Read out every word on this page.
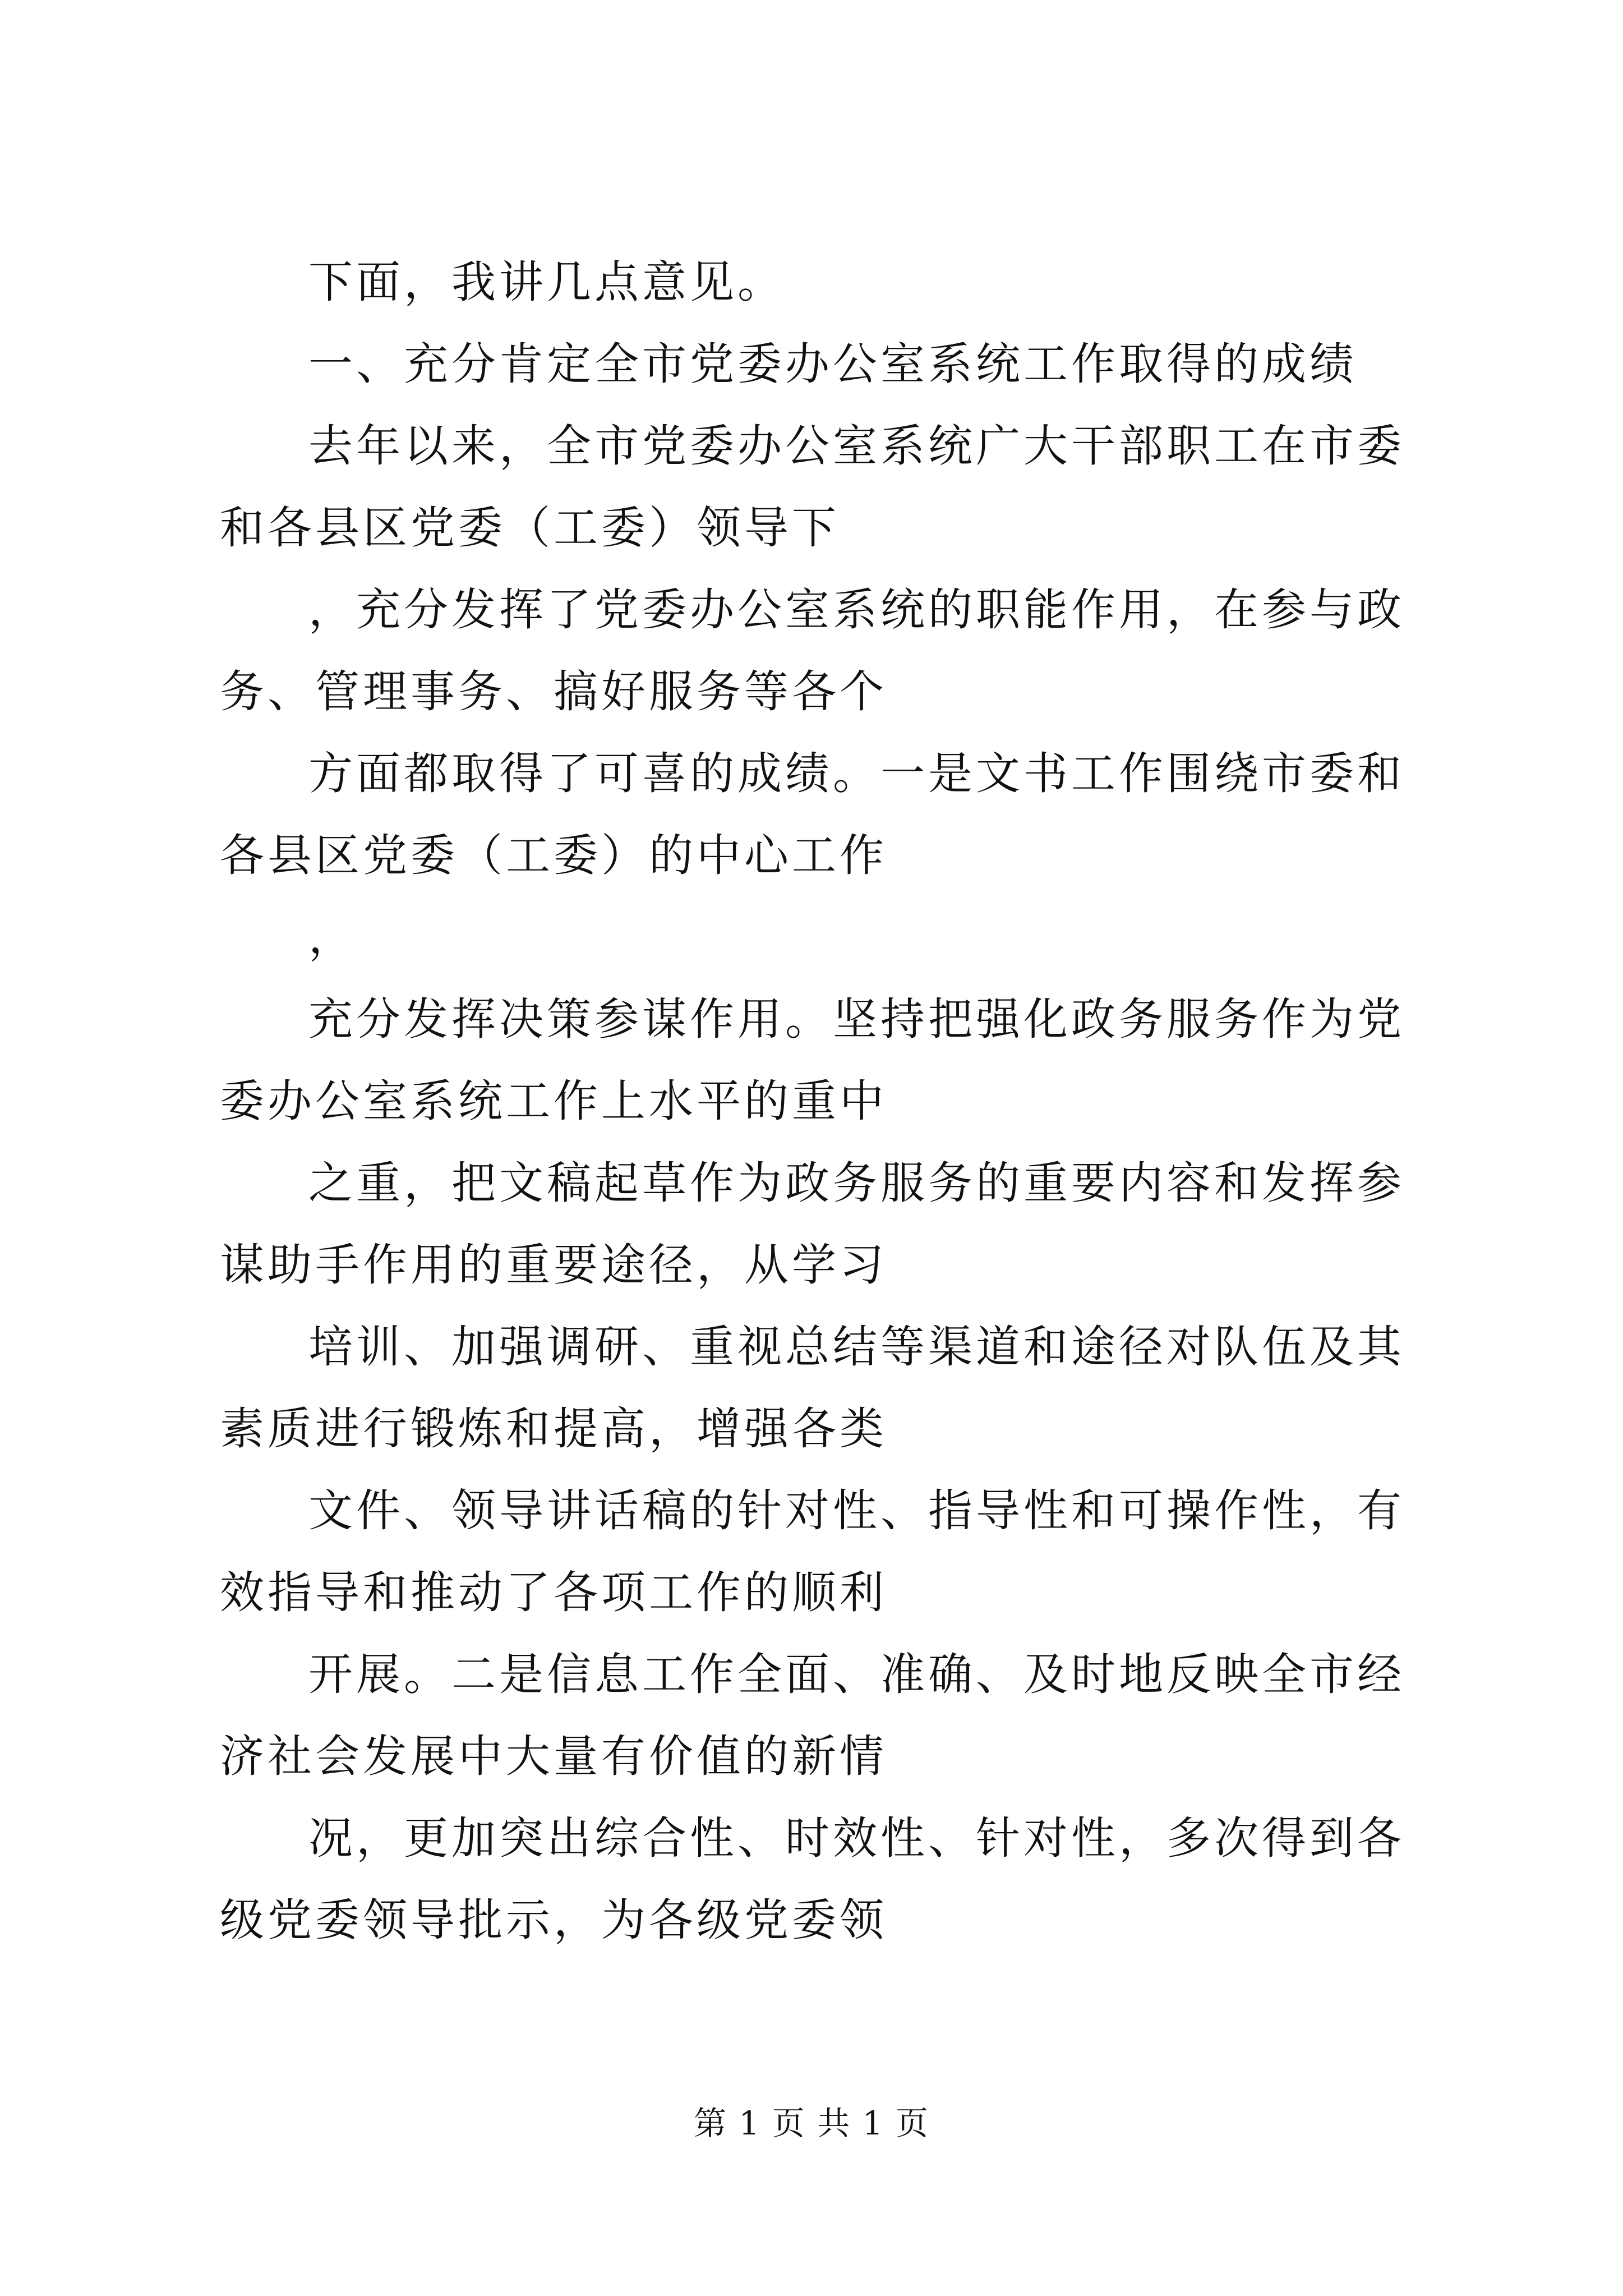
下面，我讲几点意见。

一、充分肯定全市党委办公室系统工作取得的成绩

去年以来，全市党委办公室系统广大干部职工在市委和各县区党委（工委）领导下

，充分发挥了党委办公室系统的职能作用，在参与政务、管理事务、搞好服务等各个

方面都取得了可喜的成绩。一是文书工作围绕市委和各县区党委（工委）的中心工作

，

充分发挥决策参谋作用。坚持把强化政务服务作为党委办公室系统工作上水平的重中

之重，把文稿起草作为政务服务的重要内容和发挥参谋助手作用的重要途径，从学习

培训、加强调研、重视总结等渠道和途径对队伍及其素质进行锻炼和提高，增强各类

文件、领导讲话稿的针对性、指导性和可操作性，有效指导和推动了各项工作的顺利

开展。二是信息工作全面、准确、及时地反映全市经济社会发展中大量有价值的新情

况，更加突出综合性、时效性、针对性，多次得到各级党委领导批示，为各级党委领

第 1 页 共 1 页
